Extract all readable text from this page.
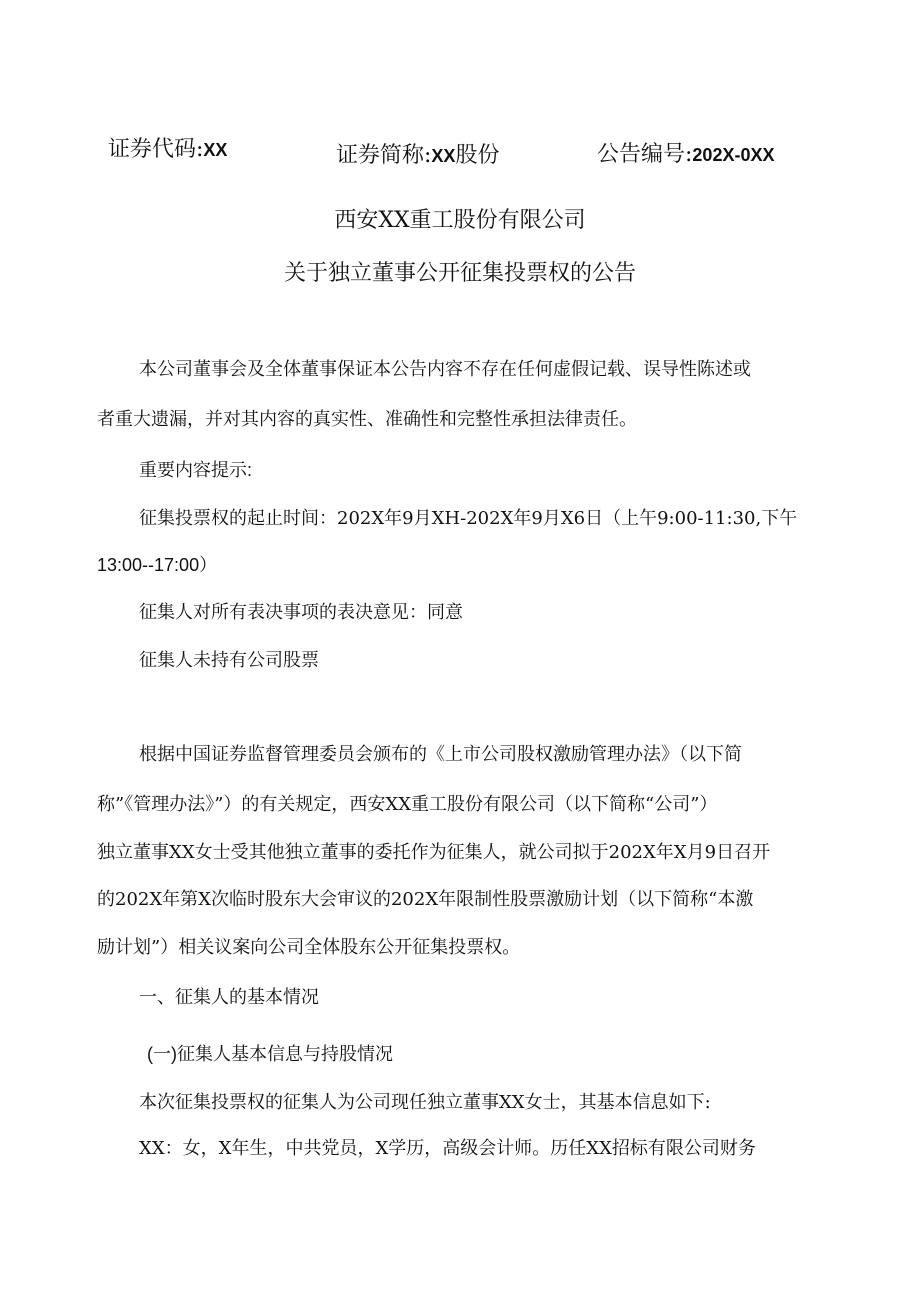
证券代码:XX	证券简称:XX股份	公告编号:202X-0XX
西安XX重工股份有限公司
关于独立董事公开征集投票权的公告
本公司董事会及全体董事保证本公告内容不存在任何虚假记载、误导性陈述或
者重大遗漏，并对其内容的真实性、准确性和完整性承担法律责任。
重要内容提示:
征集投票权的起止时间：202X年9月XH-202X年9月X6日（上午9:00-11:30,下午
13:00--17:00）
征集人对所有表决事项的表决意见：同意
征集人未持有公司股票
根据中国证券监督管理委员会颁布的《上市公司股权激励管理办法》（以下简
称”《管理办法》”）的有关规定，西安XX重工股份有限公司（以下简称“公司”）
独立董事XX女士受其他独立董事的委托作为征集人，就公司拟于202X年X月9日召开
的202X年第X次临时股东大会审议的202X年限制性股票激励计划（以下简称“本激
励计划”）相关议案向公司全体股东公开征集投票权。
一、征集人的基本情况
(一)征集人基本信息与持股情况
本次征集投票权的征集人为公司现任独立董事XX女士，其基本信息如下:
XX：女，X年生，中共党员，X学历，高级会计师。历任XX招标有限公司财务
